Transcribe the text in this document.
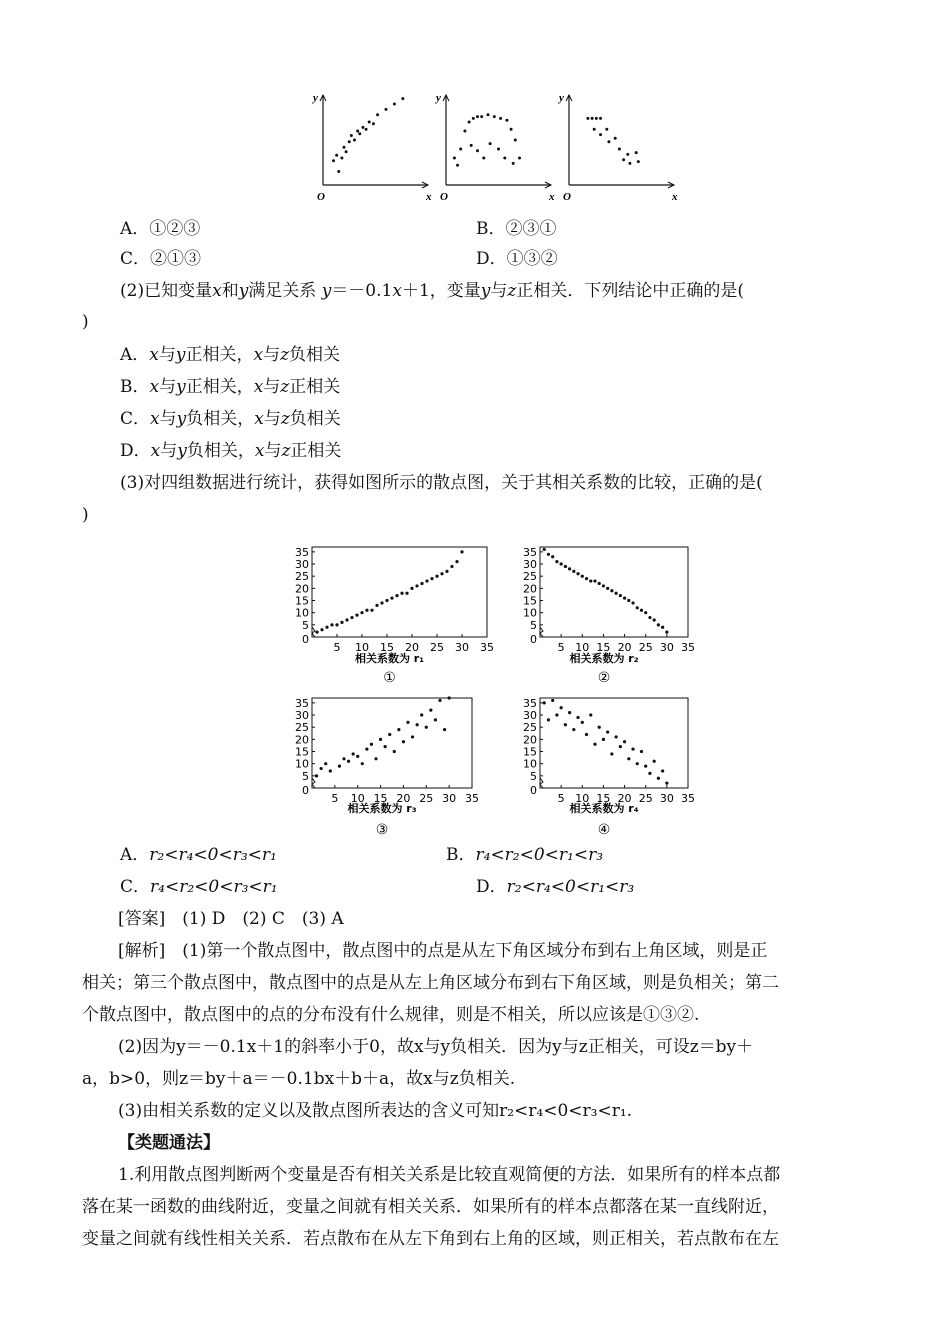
y
x
O
y
x
O
y
x
O
A．①②③	B．②③①
C．②①③	D．①③②
(2)已知变量x和y满足关系 y＝－0.1x＋1，变量y与z正相关．下列结论中正确的是(
)
A．x与y正相关，x与z负相关
B．x与y正相关，x与z正相关
C．x与y负相关，x与z负相关
D．x与y负相关，x与z正相关
(3)对四组数据进行统计，获得如图所示的散点图，关于其相关系数的比较，正确的是(
)
5
10
15
20
25
30
35
5 10 15 20 25 30 35
0
相关系数为 r₁
①
5
10
15
20
25
30
35
5 10 15 20 25 30 35
0
相关系数为 r₂
②
5
10
15
20
25
30
35
5 10 15 20 25 30 35
0
相关系数为 r₃
③
5
10
15
20
25
30
35
5 10 15 20 25 30 35
0
相关系数为 r₄
④
A．r₂<r₄<0<r₃<r₁	B．r₄<r₂<0<r₁<r₃
C．r₄<r₂<0<r₃<r₁	D．r₂<r₄<0<r₁<r₃
[答案]　(1) D　(2) C　(3) A
[解析]　(1)第一个散点图中，散点图中的点是从左下角区域分布到右上角区域，则是正
相关；第三个散点图中，散点图中的点是从左上角区域分布到右下角区域，则是负相关；第二
个散点图中，散点图中的点的分布没有什么规律，则是不相关，所以应该是①③②.
(2)因为y＝－0.1x＋1的斜率小于0，故x与y负相关．因为y与z正相关，可设z＝by＋
a，b>0，则z＝by＋a＝－0.1bx＋b＋a，故x与z负相关.
(3)由相关系数的定义以及散点图所表达的含义可知r₂<r₄<0<r₃<r₁.
【类题通法】
1.利用散点图判断两个变量是否有相关关系是比较直观简便的方法．如果所有的样本点都
落在某一函数的曲线附近，变量之间就有相关关系．如果所有的样本点都落在某一直线附近，
变量之间就有线性相关关系．若点散布在从左下角到右上角的区域，则正相关，若点散布在左
